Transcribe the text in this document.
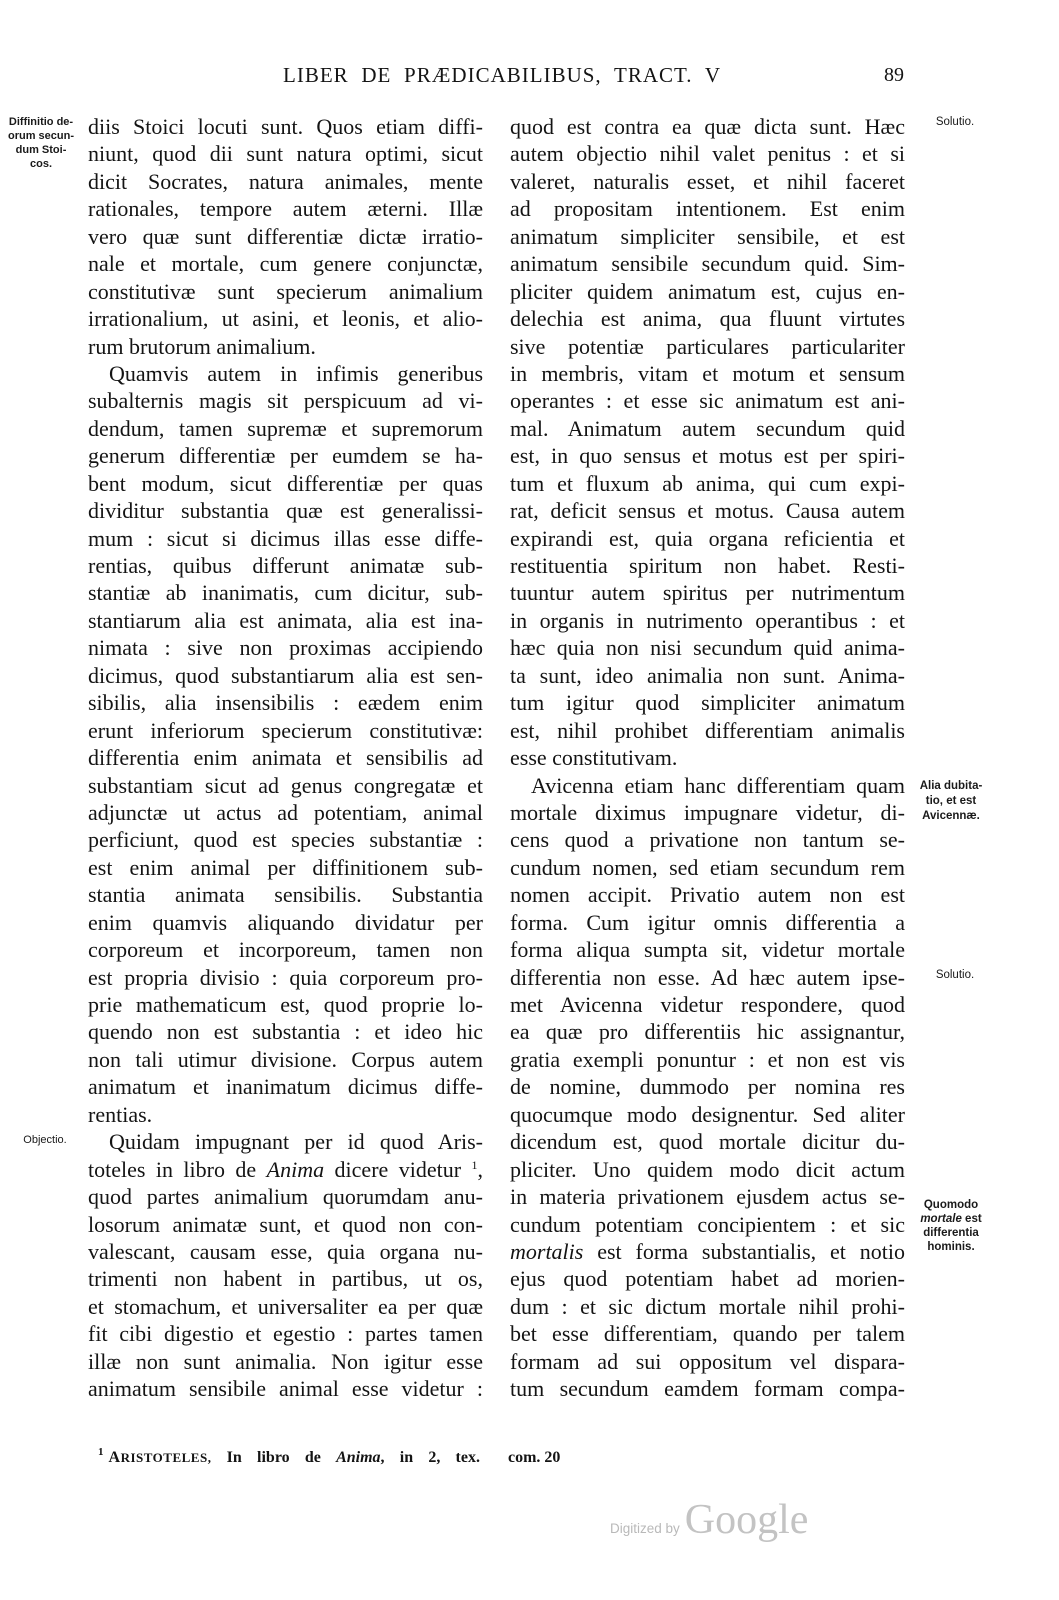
LIBER DE PRÆDICABILIBUS, TRACT. V	89
Diffinitio de-
orum secun-
dum Stoi-
cos.
Objectio.
Solutio.
Alia dubita-
tio, et est
Avicennæ.
Solutio.
Quomodo
mortale est
differentia
hominis.
diis Stoici locuti sunt. Quos etiam diffi-
niunt, quod dii sunt natura optimi, sicut
dicit Socrates, natura animales, mente
rationales, tempore autem æterni. Illæ
vero quæ sunt differentiæ dictæ irratio-
nale et mortale, cum genere conjunctæ,
constitutivæ sunt specierum animalium
irrationalium, ut asini, et leonis, et alio-
rum brutorum animalium.
Quamvis autem in infimis generibus
subalternis magis sit perspicuum ad vi-
dendum, tamen supremæ et supremorum
generum differentiæ per eumdem se ha-
bent modum, sicut differentiæ per quas
dividitur substantia quæ est generalissi-
mum : sicut si dicimus illas esse diffe-
rentias, quibus differunt animatæ sub-
stantiæ ab inanimatis, cum dicitur, sub-
stantiarum alia est animata, alia est ina-
nimata : sive non proximas accipiendo
dicimus, quod substantiarum alia est sen-
sibilis, alia insensibilis : eædem enim
erunt inferiorum specierum constitutivæ:
differentia enim animata et sensibilis ad
substantiam sicut ad genus congregatæ et
adjunctæ ut actus ad potentiam, animal
perficiunt, quod est species substantiæ :
est enim animal per diffinitionem sub-
stantia animata sensibilis. Substantia
enim quamvis aliquando dividatur per
corporeum et incorporeum, tamen non
est propria divisio : quia corporeum pro-
prie mathematicum est, quod proprie lo-
quendo non est substantia : et ideo hic
non tali utimur divisione. Corpus autem
animatum et inanimatum dicimus diffe-
rentias.
Quidam impugnant per id quod Aris-
toteles in libro de Anima dicere videtur $^1$,
quod partes animalium quorumdam anu-
losorum animatæ sunt, et quod non con-
valescant, causam esse, quia organa nu-
trimenti non habent in partibus, ut os,
et stomachum, et universaliter ea per quæ
fit cibi digestio et egestio : partes tamen
illæ non sunt animalia. Non igitur esse
animatum sensibile animal esse videtur :
quod est contra ea quæ dicta sunt. Hæc
autem objectio nihil valet penitus : et si
valeret, naturalis esset, et nihil faceret
ad propositam intentionem. Est enim
animatum simpliciter sensibile, et est
animatum sensibile secundum quid. Sim-
pliciter quidem animatum est, cujus en-
delechia est anima, qua fluunt virtutes
sive potentiæ particulares particulariter
in membris, vitam et motum et sensum
operantes : et esse sic animatum est ani-
mal. Animatum autem secundum quid
est, in quo sensus et motus est per spiri-
tum et fluxum ab anima, qui cum expi-
rat, deficit sensus et motus. Causa autem
expirandi est, quia organa reficientia et
restituentia spiritum non habet. Resti-
tuuntur autem spiritus per nutrimentum
in organis in nutrimento operantibus : et
hæc quia non nisi secundum quid anima-
ta sunt, ideo animalia non sunt. Anima-
tum igitur quod simpliciter animatum
est, nihil prohibet differentiam animalis
esse constitutivam.
Avicenna etiam hanc differentiam quam
mortale diximus impugnare videtur, di-
cens quod a privatione non tantum se-
cundum nomen, sed etiam secundum rem
nomen accipit. Privatio autem non est
forma. Cum igitur omnis differentia a
forma aliqua sumpta sit, videtur mortale
differentia non esse. Ad hæc autem ipse-
met Avicenna videtur respondere, quod
ea quæ pro differentiis hic assignantur,
gratia exempli ponuntur : et non est vis
de nomine, dummodo per nomina res
quocumque modo designentur. Sed aliter
dicendum est, quod mortale dicitur du-
pliciter. Uno quidem modo dicit actum
in materia privationem ejusdem actus se-
cundum potentiam concipientem : et sic
mortalis est forma substantialis, et notio
ejus quod potentiam habet ad morien-
dum : et sic dictum mortale nihil prohi-
bet esse differentiam, quando per talem
formam ad sui oppositum vel dispara-
tum secundum eamdem formam compa-
$^1$ ARISTOTELES, In libro de Anima, in 2, tex. com. 20
Digitized by Google
